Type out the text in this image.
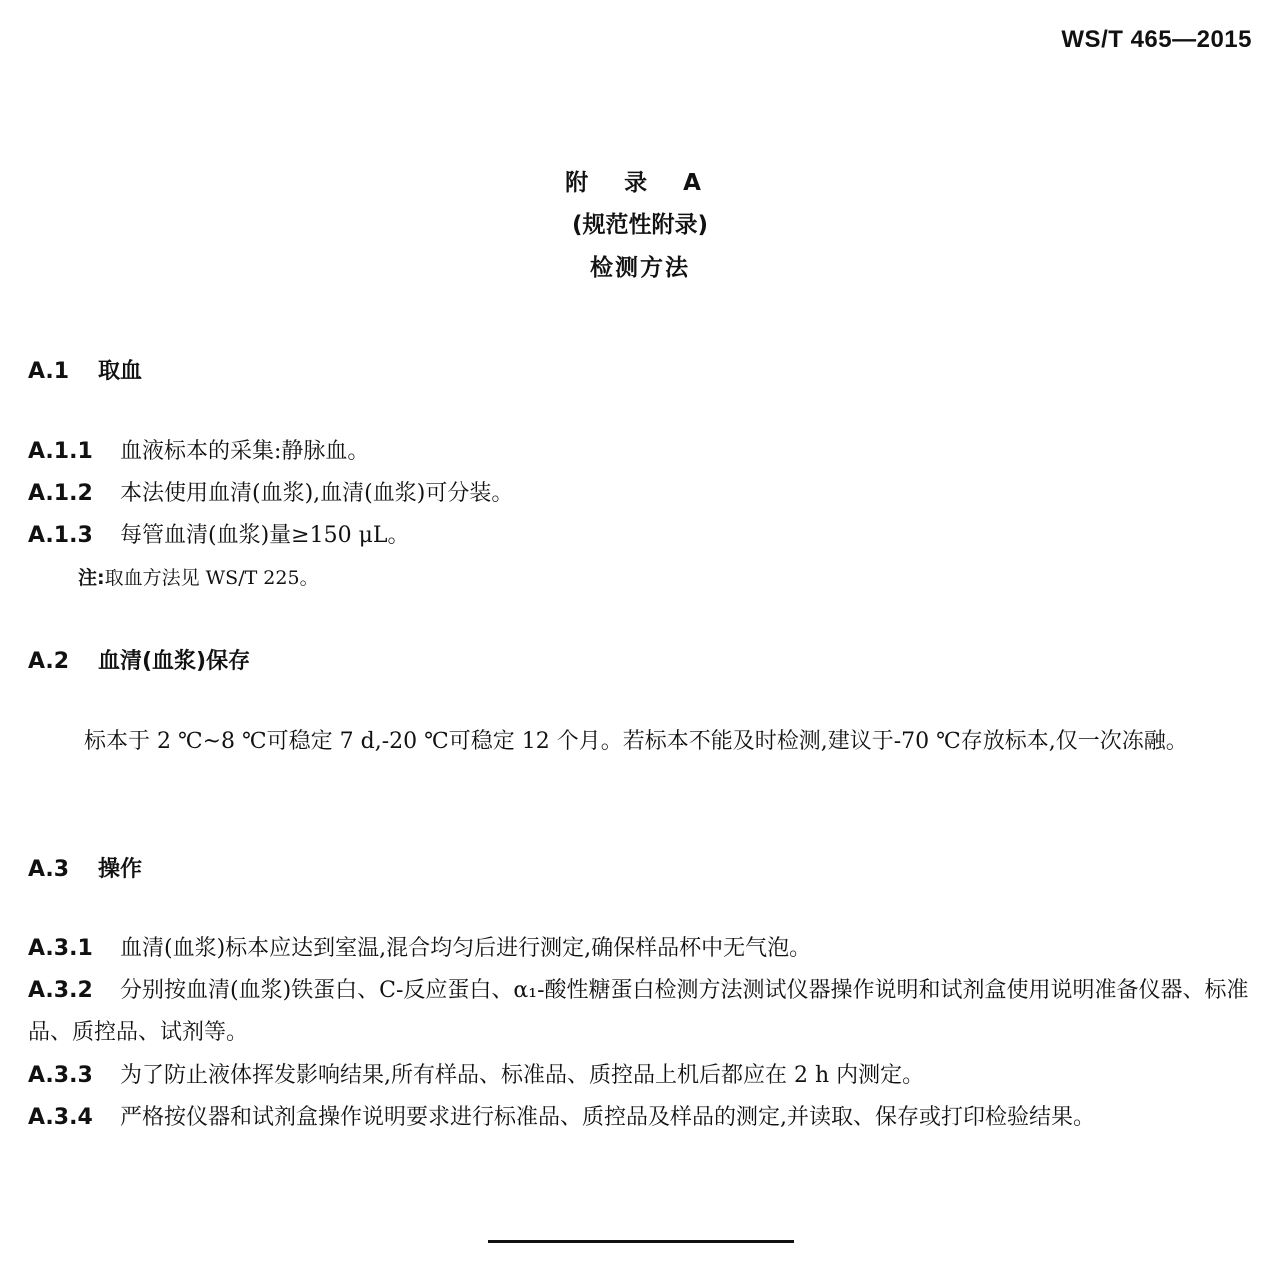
WS/T 465—2015
附 录 A
(规范性附录)
检测方法
A.1 取血
A.1.1 血液标本的采集:静脉血。
A.1.2 本法使用血清(血浆),血清(血浆)可分装。
A.1.3 每管血清(血浆)量≥150 μL。
注:取血方法见 WS/T 225。
A.2 血清(血浆)保存
标本于 2 ℃~8 ℃可稳定 7 d,-20 ℃可稳定 12 个月。若标本不能及时检测,建议于-70 ℃存放标本,仅一次冻融。
A.3 操作
A.3.1 血清(血浆)标本应达到室温,混合均匀后进行测定,确保样品杯中无气泡。
A.3.2 分别按血清(血浆)铁蛋白、C-反应蛋白、α₁-酸性糖蛋白检测方法测试仪器操作说明和试剂盒使用说明准备仪器、标准品、质控品、试剂等。
A.3.3 为了防止液体挥发影响结果,所有样品、标准品、质控品上机后都应在 2 h 内测定。
A.3.4 严格按仪器和试剂盒操作说明要求进行标准品、质控品及样品的测定,并读取、保存或打印检验结果。
